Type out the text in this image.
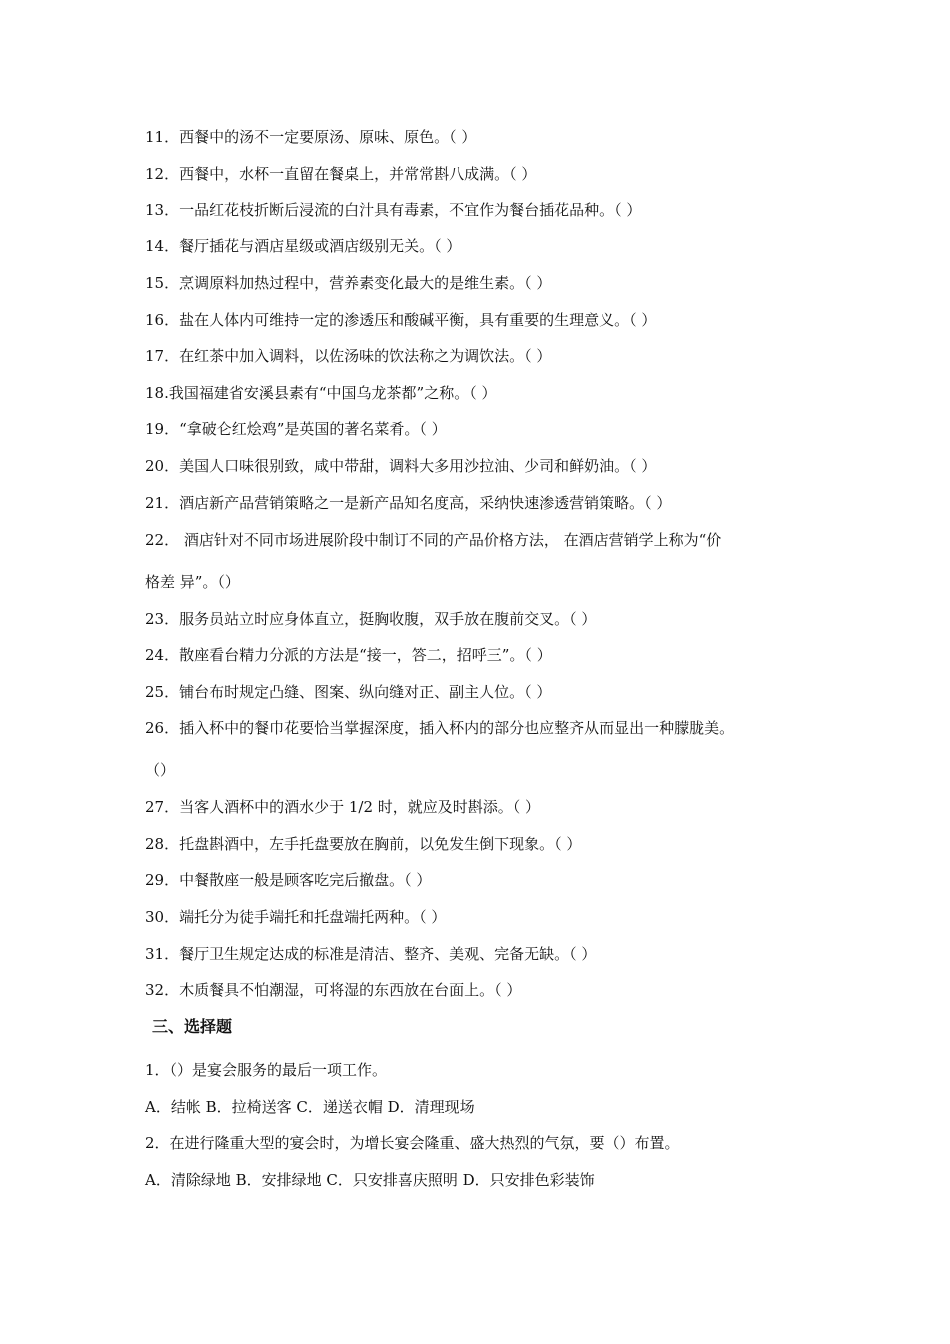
11．西餐中的汤不一定要原汤、原味、原色。（ ）
12．西餐中，水杯一直留在餐桌上，并常常斟八成满。（ ）
13．一品红花枝折断后浸流的白汁具有毒素，不宜作为餐台插花品种。（ ）
14．餐厅插花与酒店星级或酒店级别无关。（ ）
15．烹调原料加热过程中，营养素变化最大的是维生素。（ ）
16．盐在人体内可维持一定的渗透压和酸碱平衡，具有重要的生理意义。（ ）
17．在红茶中加入调料，以佐汤味的饮法称之为调饮法。（ ）
18.我国福建省安溪县素有“中国乌龙茶都”之称。（ ）
19．“拿破仑红烩鸡”是英国的著名菜肴。（ ）
20．美国人口味很别致，咸中带甜，调料大多用沙拉油、少司和鲜奶油。（ ）
21．酒店新产品营销策略之一是新产品知名度高，采纳快速渗透营销策略。（ ）
22． 酒店针对不同市场进展阶段中制订不同的产品价格方法， 在酒店营销学上称为“价
格差 异”。（）
23．服务员站立时应身体直立，挺胸收腹，双手放在腹前交叉。（ ）
24．散座看台精力分派的方法是“接一，答二，招呼三”。（ ）
25．铺台布时规定凸缝、图案、纵向缝对正、副主人位。（ ）
26．插入杯中的餐巾花要恰当掌握深度，插入杯内的部分也应整齐从而显出一种朦胧美。
（）
27．当客人酒杯中的酒水少于 1/2 时，就应及时斟添。（ ）
28．托盘斟酒中，左手托盘要放在胸前，以免发生倒下现象。（ ）
29．中餐散座一般是顾客吃完后撤盘。（ ）
30．端托分为徒手端托和托盘端托两种。（ ）
31．餐厅卫生规定达成的标准是清洁、整齐、美观、完备无缺。（ ）
32．木质餐具不怕潮湿，可将湿的东西放在台面上。（ ）
三、选择题
1．（）是宴会服务的最后一项工作。
A．结帐 B．拉椅送客 C．递送衣帽 D．清理现场
2．在进行隆重大型的宴会时，为增长宴会隆重、盛大热烈的气氛，要（）布置。
A．清除绿地 B．安排绿地 C．只安排喜庆照明 D．只安排色彩装饰
